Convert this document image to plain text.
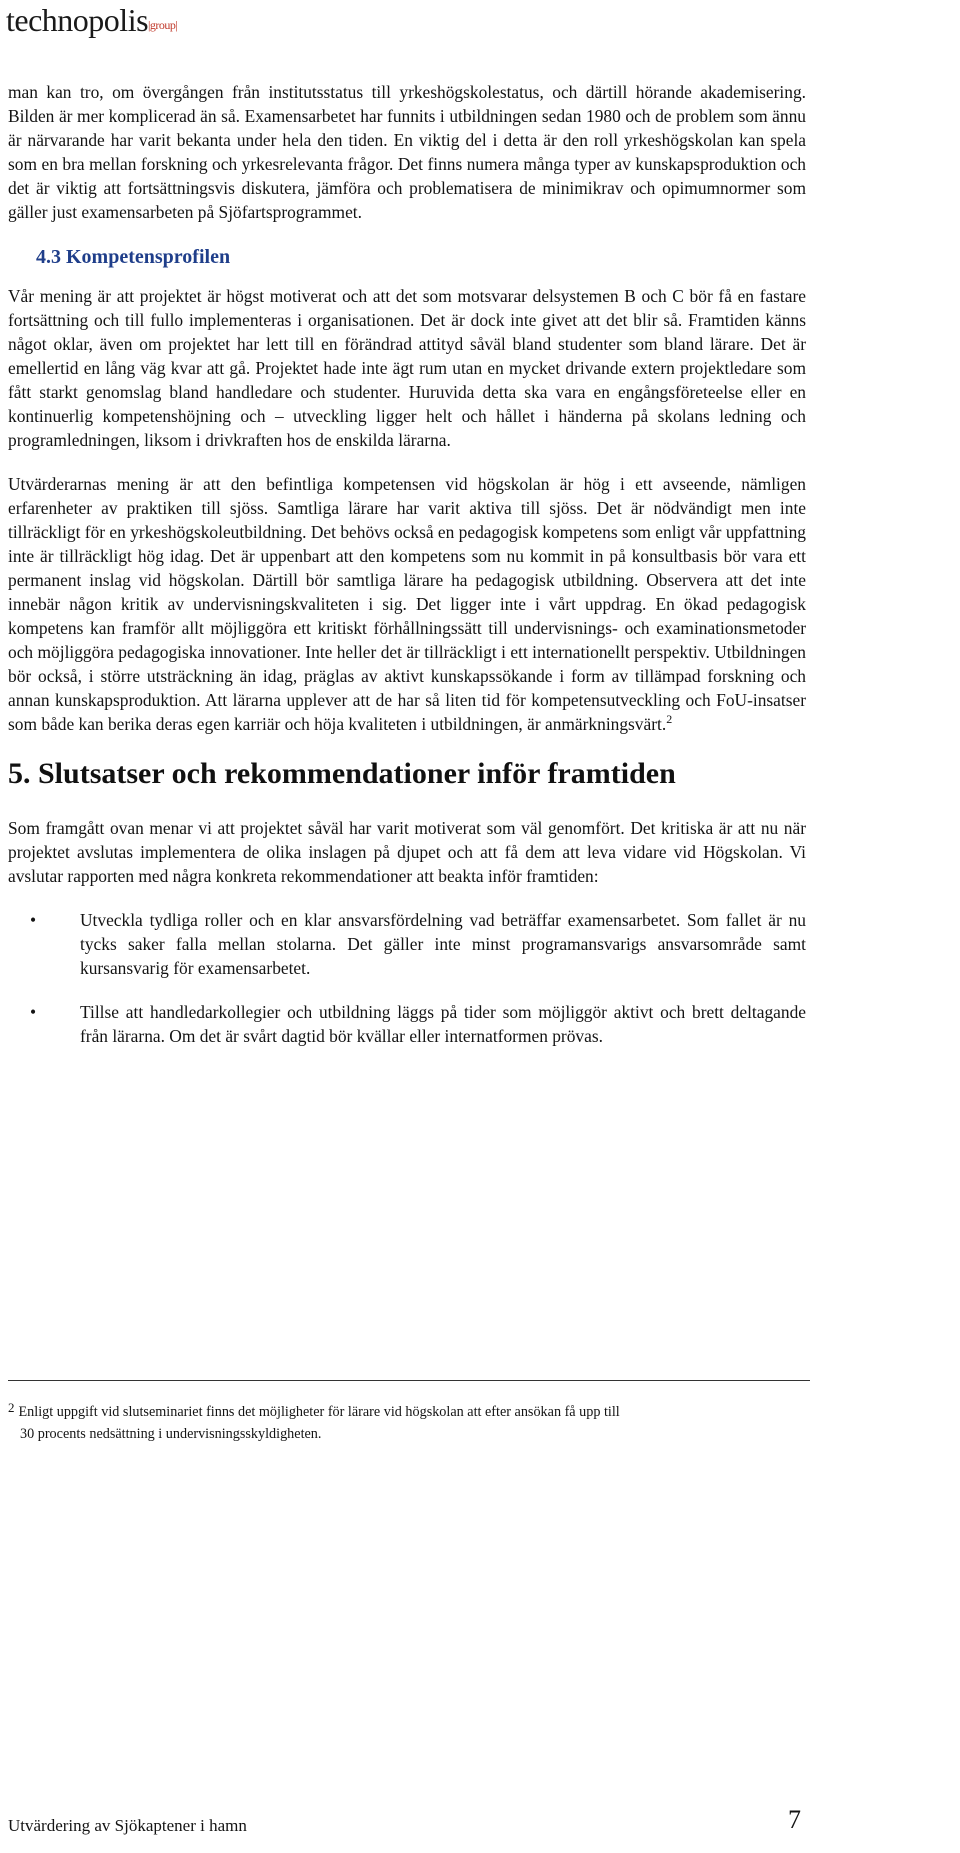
technopolis|group|

man kan tro, om övergången från institutsstatus till yrkeshögskolestatus, och därtill hörande akademisering. Bilden är mer komplicerad än så. Examensarbetet har funnits i utbildningen sedan 1980 och de problem som ännu är närvarande har varit bekanta under hela den tiden. En viktig del i detta är den roll yrkeshögskolan kan spela som en bra mellan forskning och yrkesrelevanta frågor. Det finns numera många typer av kunskapsproduktion och det är viktig att fortsättningsvis diskutera, jämföra och problematisera de minimikrav och opimumnormer som gäller just examensarbeten på Sjöfartsprogrammet.

4.3 Kompetensprofilen

Vår mening är att projektet är högst motiverat och att det som motsvarar delsystemen B och C bör få en fastare fortsättning och till fullo implementeras i organisationen. Det är dock inte givet att det blir så. Framtiden känns något oklar, även om projektet har lett till en förändrad attityd såväl bland studenter som bland lärare. Det är emellertid en lång väg kvar att gå. Projektet hade inte ägt rum utan en mycket drivande extern projektledare som fått starkt genomslag bland handledare och studenter. Huruvida detta ska vara en engångsföreteelse eller en kontinuerlig kompetenshöjning och – utveckling ligger helt och hållet i händerna på skolans ledning och programledningen, liksom i drivkraften hos de enskilda lärarna.

Utvärderarnas mening är att den befintliga kompetensen vid högskolan är hög i ett avseende, nämligen erfarenheter av praktiken till sjöss. Samtliga lärare har varit aktiva till sjöss. Det är nödvändigt men inte tillräckligt för en yrkeshögskoleutbildning. Det behövs också en pedagogisk kompetens som enligt vår uppfattning inte är tillräckligt hög idag. Det är uppenbart att den kompetens som nu kommit in på konsultbasis bör vara ett permanent inslag vid högskolan. Därtill bör samtliga lärare ha pedagogisk utbildning. Observera att det inte innebär någon kritik av undervisningskvaliteten i sig. Det ligger inte i vårt uppdrag. En ökad pedagogisk kompetens kan framför allt möjliggöra ett kritiskt förhållningssätt till undervisnings- och examinationsmetoder och möjliggöra pedagogiska innovationer. Inte heller det är tillräckligt i ett internationellt perspektiv. Utbildningen bör också, i större utsträckning än idag, präglas av aktivt kunskapssökande i form av tillämpad forskning och annan kunskapsproduktion. Att lärarna upplever att de har så liten tid för kompetensutveckling och FoU-insatser som både kan berika deras egen karriär och höja kvaliteten i utbildningen, är anmärkningsvärt.$^2$

5. Slutsatser och rekommendationer inför framtiden

Som framgått ovan menar vi att projektet såväl har varit motiverat som väl genomfört. Det kritiska är att nu när projektet avslutas implementera de olika inslagen på djupet och att få dem att leva vidare vid Högskolan. Vi avslutar rapporten med några konkreta rekommendationer att beakta inför framtiden:

•	Utveckla tydliga roller och en klar ansvarsfördelning vad beträffar examensarbetet. Som fallet är nu tycks saker falla mellan stolarna. Det gäller inte minst programansvarigs ansvarsområde samt kursansvarig för examensarbetet.
•	Tillse att handledarkollegier och utbildning läggs på tider som möjliggör aktivt och brett deltagande från lärarna. Om det är svårt dagtid bör kvällar eller internatformen prövas.
2 Enligt uppgift vid slutseminariet finns det möjligheter för lärare vid högskolan att efter ansökan få upp till
30 procents nedsättning i undervisningsskyldigheten.
Utvärdering av Sjökaptener i hamn	7
